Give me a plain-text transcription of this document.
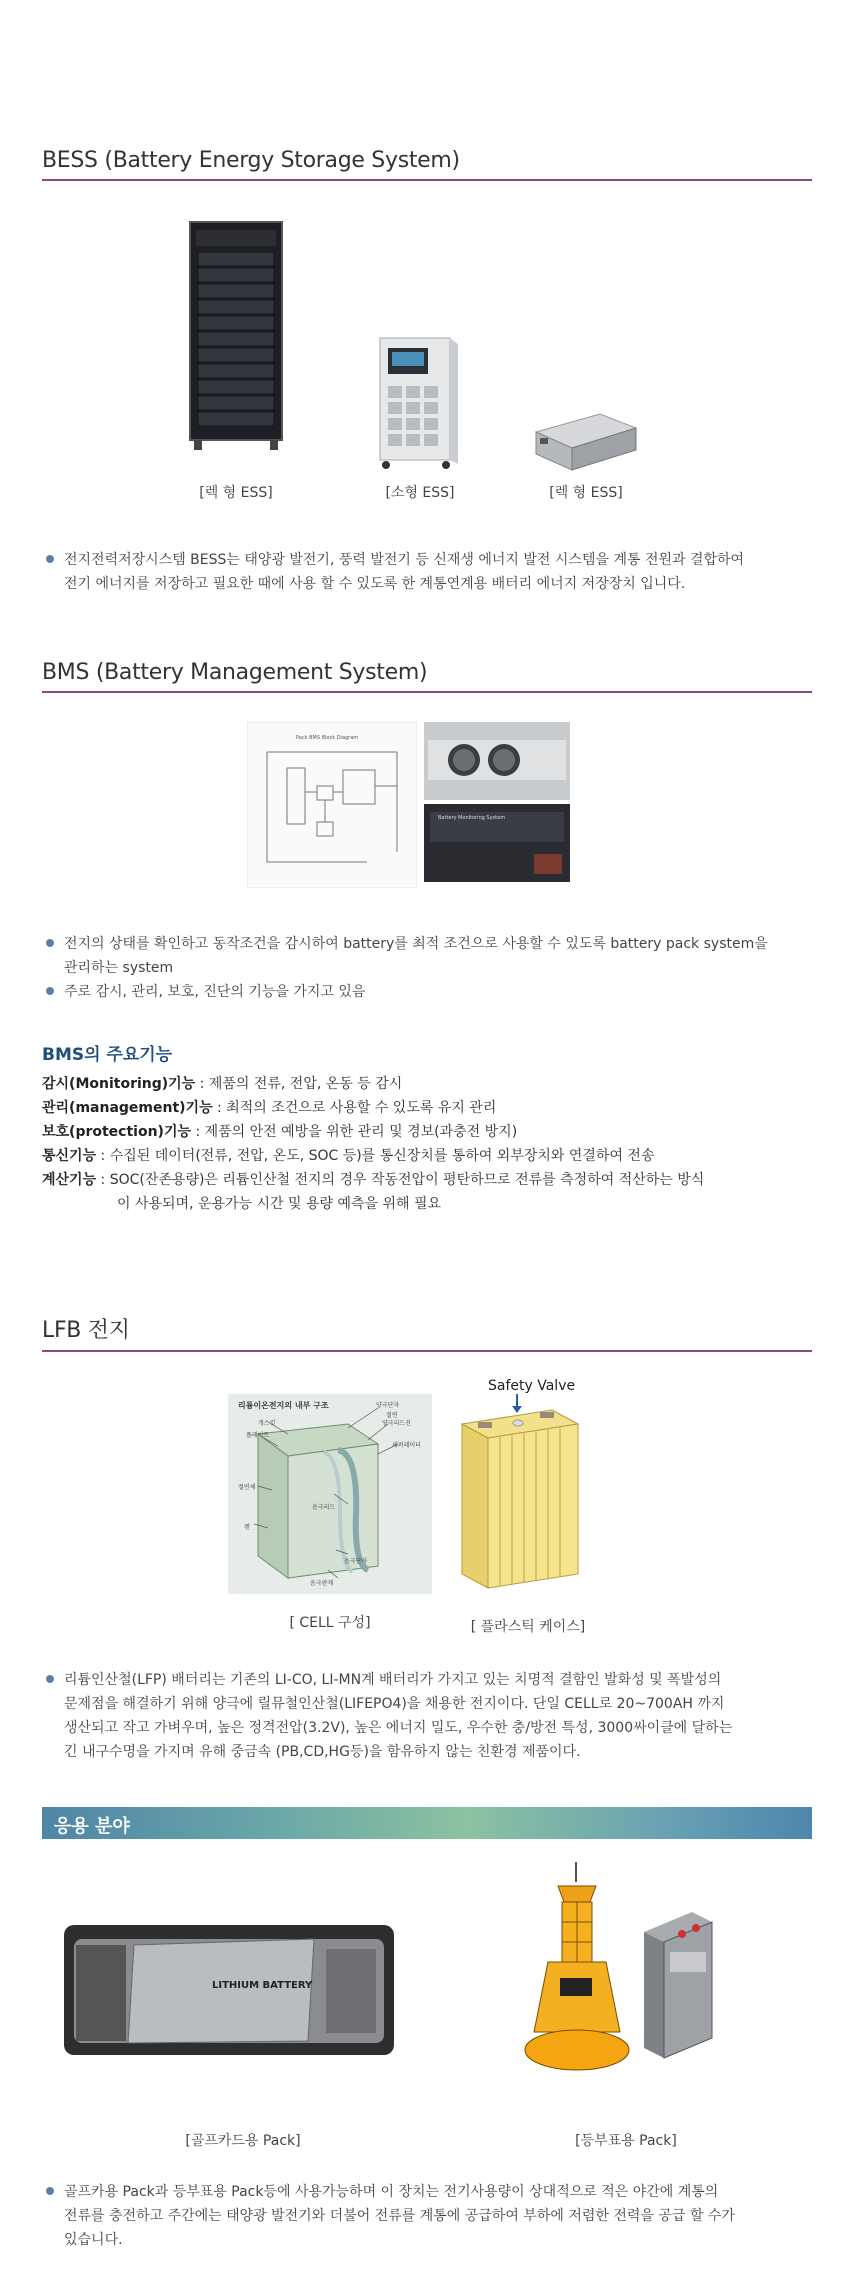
BESS (Battery Energy Storage System)
[렉 형 ESS]	[소형 ESS]	[렉 형 ESS]
전지전력저장시스템 BESS는 태양광 발전기, 풍력 발전기 등 신재생 에너지 발전 시스템을 계통 전원과 결합하여
전기 에너지를 저장하고 필요한 때에 사용 할 수 있도록 한 계통연계용 배터리 에너지 저장장치 입니다.
BMS (Battery Management System)
Pack BMS Block Diagram
Battery Monitoring System
전지의 상태를 확인하고 동작조건을 감시하여 battery를 최적 조건으로 사용할 수 있도록 battery pack system을
관리하는 system
주로 감시, 관리, 보호, 진단의 기능을 가지고 있음
BMS의 주요기능
감시(Monitoring)기능 : 제품의 전류, 전압, 온동 등 감시
관리(management)기능 : 최적의 조건으로 사용할 수 있도록 유지 관리
보호(protection)기능 : 제품의 안전 예방을 위한 관리 및 경보(과충전 방지)
통신기능 : 수집된 데이터(전류, 전압, 온도, SOC 등)를 통신장치를 통하여 외부장치와 연결하여 전송
계산기능 : SOC(잔존용량)은 리튬인산철 전지의 경우 작동전압이 평탄하므로 전류를 측정하여 적산하는 방식
이 사용되며, 운용가능 시간 및 용량 예측을 위해 필요
LFB 전지
리튬이온전지의 내부 구조
개스킷
플레이트
양극단자
절연
양극리드선
세퍼레이터
절연체
캔
음극리드
음극단자
음극판재
Safety Valve
[ CELL 구성]	[ 플라스틱 케이스]
리튬인산철(LFP) 배터리는 기존의 LI-CO, LI-MN계 배터리가 가지고 있는 치명적 결함인 발화성 및 폭발성의
문제점을 해결하기 위해 양극에 릴뮤철인산철(LIFEPO4)을 채용한 전지이다. 단일 CELL로 20~700AH 까지
생산되고 작고 가벼우며, 높은 정격전압(3.2V), 높은 에너지 밀도, 우수한 충/방전 특성, 3000싸이클에 달하는
긴 내구수명을 가지며 유해 중금속 (PB,CD,HG등)을 함유하지 않는 친환경 제품이다.
응용 분야
LITHIUM BATTERY
[골프카드용 Pack]	[등부표용 Pack]
골프카용 Pack과 등부표용 Pack등에 사용가능하며 이 장치는 전기사용량이 상대적으로 적은 야간에 계통의
전류를 충전하고 주간에는 태양광 발전기와 더불어 전류를 계통에 공급하여 부하에 저렴한 전력을 공급 할 수가
있습니다.
